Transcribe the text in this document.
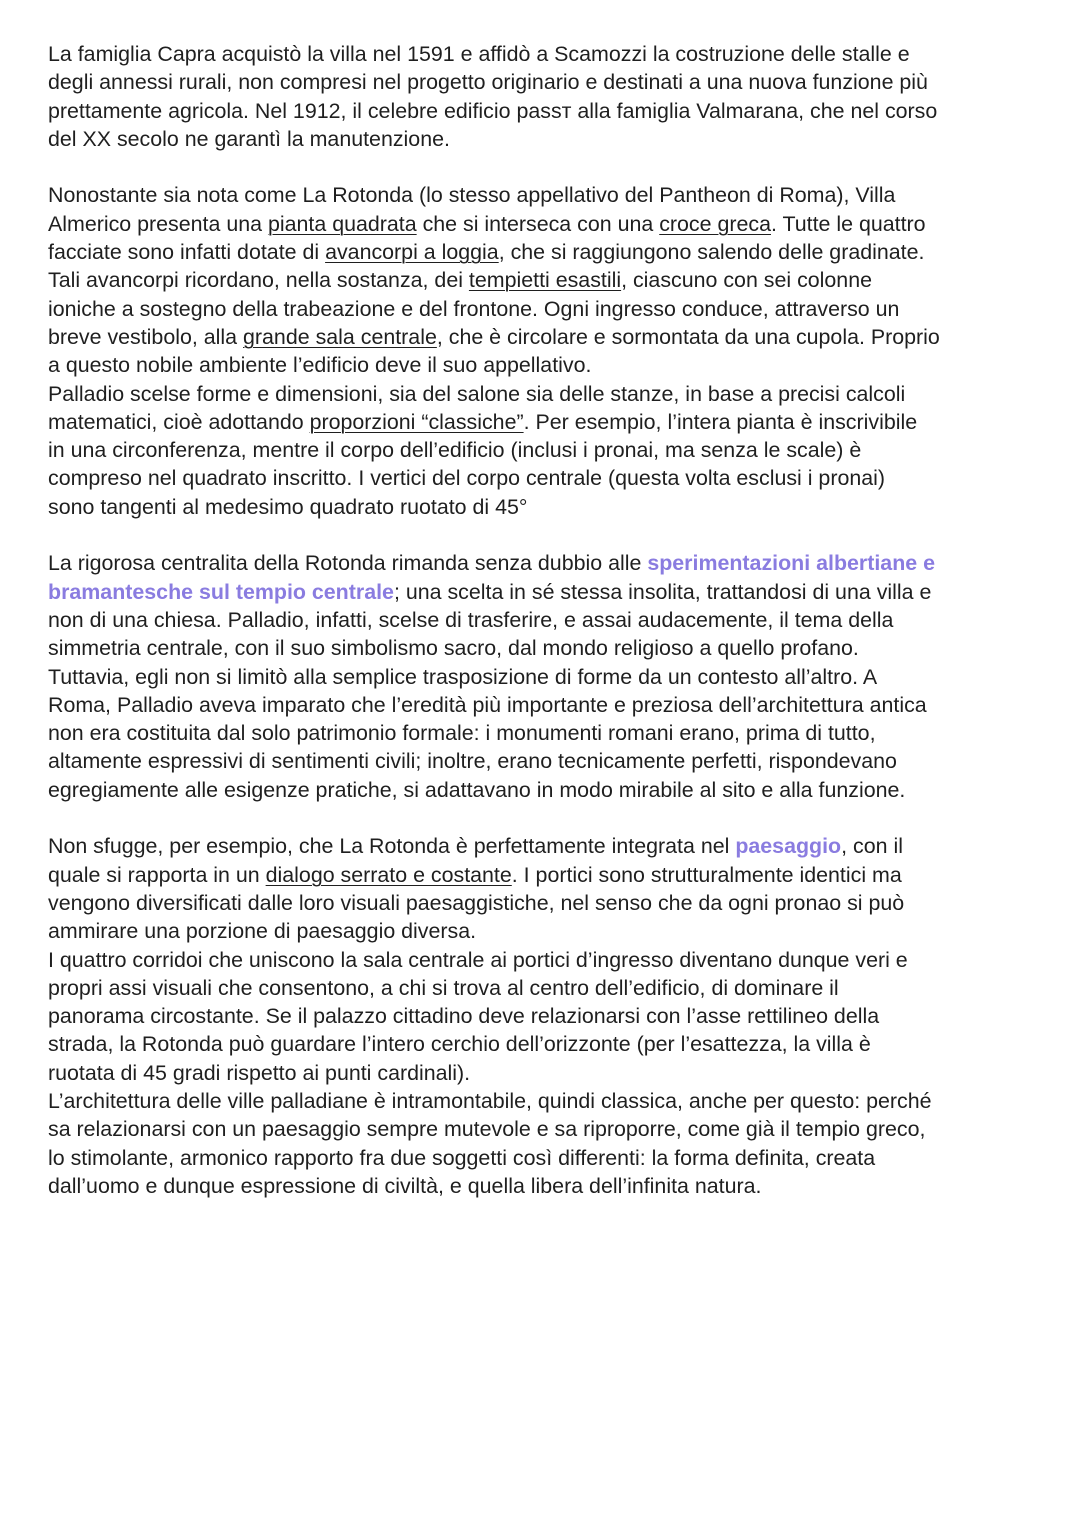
La famiglia Capra acquistò la villa nel 1591 e affidò a Scamozzi la costruzione delle stalle e
degli annessi rurali, non compresi nel progetto originario e destinati a una nuova funzione più
prettamente agricola. Nel 1912, il celebre edificio passт alla famiglia Valmarana, che nel corso
del XX secolo ne garantì la manutenzione.

Nonostante sia nota come La Rotonda (lo stesso appellativo del Pantheon di Roma), Villa
Almerico presenta una pianta quadrata che si interseca con una croce greca. Tutte le quattro
facciate sono infatti dotate di avancorpi a loggia, che si raggiungono salendo delle gradinate.
Tali avancorpi ricordano, nella sostanza, dei tempietti esastili, ciascuno con sei colonne
ioniche a sostegno della trabeazione e del frontone. Ogni ingresso conduce, attraverso un
breve vestibolo, alla grande sala centrale, che è circolare e sormontata da una cupola. Proprio
a questo nobile ambiente l’edificio deve il suo appellativo.
Palladio scelse forme e dimensioni, sia del salone sia delle stanze, in base a precisi calcoli
matematici, cioè adottando proporzioni “classiche”. Per esempio, l’intera pianta è inscrivibile
in una circonferenza, mentre il corpo dell’edificio (inclusi i pronai, ma senza le scale) è
compreso nel quadrato inscritto. I vertici del corpo centrale (questa volta esclusi i pronai)
sono tangenti al medesimo quadrato ruotato di 45°

La rigorosa centralita della Rotonda rimanda senza dubbio alle sperimentazioni albertiane e
bramantesche sul tempio centrale; una scelta in sé stessa insolita, trattandosi di una villa e
non di una chiesa. Palladio, infatti, scelse di trasferire, e assai audacemente, il tema della
simmetria centrale, con il suo simbolismo sacro, dal mondo religioso a quello profano.
Tuttavia, egli non si limitò alla semplice trasposizione di forme da un contesto all’altro. A
Roma, Palladio aveva imparato che l’eredità più importante e preziosa dell’architettura antica
non era costituita dal solo patrimonio formale: i monumenti romani erano, prima di tutto,
altamente espressivi di sentimenti civili; inoltre, erano tecnicamente perfetti, rispondevano
egregiamente alle esigenze pratiche, si adattavano in modo mirabile al sito e alla funzione.

Non sfugge, per esempio, che La Rotonda è perfettamente integrata nel paesaggio, con il
quale si rapporta in un dialogo serrato e costante. I portici sono strutturalmente identici ma
vengono diversificati dalle loro visuali paesaggistiche, nel senso che da ogni pronao si può
ammirare una porzione di paesaggio diversa.
I quattro corridoi che uniscono la sala centrale ai portici d’ingresso diventano dunque veri e
propri assi visuali che consentono, a chi si trova al centro dell’edificio, di dominare il
panorama circostante. Se il palazzo cittadino deve relazionarsi con l’asse rettilineo della
strada, la Rotonda può guardare l’intero cerchio dell’orizzonte (per l’esattezza, la villa è
ruotata di 45 gradi rispetto ai punti cardinali).
L’architettura delle ville palladiane è intramontabile, quindi classica, anche per questo: perché
sa relazionarsi con un paesaggio sempre mutevole e sa riproporre, come già il tempio greco,
lo stimolante, armonico rapporto fra due soggetti così differenti: la forma definita, creata
dall’uomo e dunque espressione di civiltà, e quella libera dell’infinita natura.
